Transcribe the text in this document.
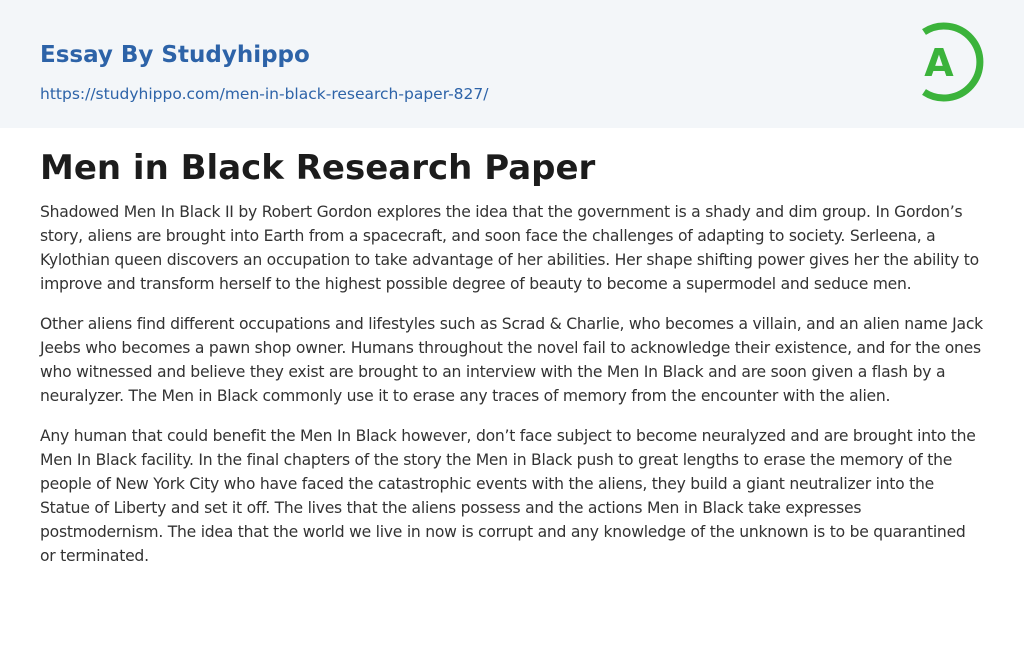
Essay By Studyhippo
https://studyhippo.com/men-in-black-research-paper-827/
A
Men in Black Research Paper

Shadowed Men In Black II by Robert Gordon explores the idea that the government is a shady and dim group. In Gordon’s story, aliens are brought into Earth from a spacecraft, and soon face the challenges of adapting to society. Serleena, a Kylothian queen discovers an occupation to take advantage of her abilities. Her shape shifting power gives her the ability to improve and transform herself to the highest possible degree of beauty to become a supermodel and seduce men.

Other aliens find different occupations and lifestyles such as Scrad & Charlie, who becomes a villain, and an alien name Jack Jeebs who becomes a pawn shop owner. Humans throughout the novel fail to acknowledge their existence, and for the ones who witnessed and believe they exist are brought to an interview with the Men In Black and are soon given a flash by a neuralyzer. The Men in Black commonly use it to erase any traces of memory from the encounter with the alien.

Any human that could benefit the Men In Black however, don’t face subject to become neuralyzed and are brought into the Men In Black facility. In the final chapters of the story the Men in Black push to great lengths to erase the memory of the people of New York City who have faced the catastrophic events with the aliens, they build a giant neutralizer into the Statue of Liberty and set it off. The lives that the aliens possess and the actions Men in Black take expresses postmodernism. The idea that the world we live in now is corrupt and any knowledge of the unknown is to be quarantined or terminated.
